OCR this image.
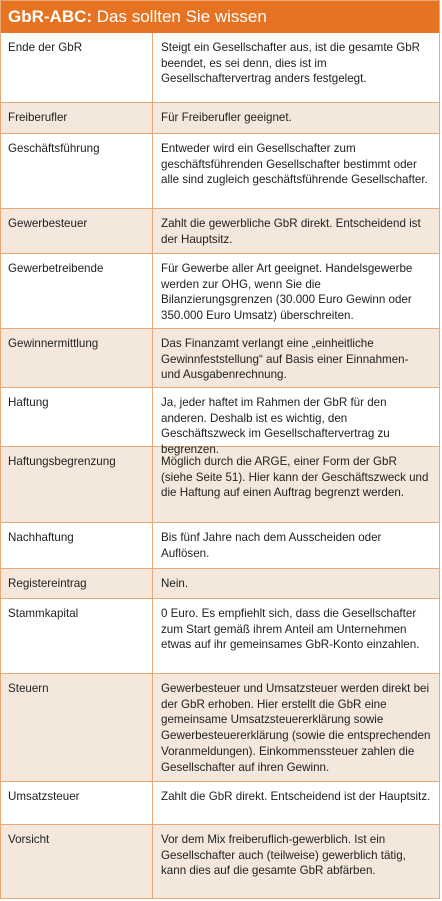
GbR-ABC: Das sollten Sie wissen
Ende der GbR	Steigt ein Gesellschafter aus, ist die gesamte GbR beendet, es sei denn, dies ist im Gesellschaftervertrag anders festgelegt.
Freiberufler	Für Freiberufler geeignet.
Geschäftsführung	Entweder wird ein Gesellschafter zum geschäftsführenden Gesellschafter bestimmt oder alle sind zugleich geschäftsführende Gesellschafter.
Gewerbesteuer	Zahlt die gewerbliche GbR direkt. Entscheidend ist der Hauptsitz.
Gewerbetreibende	Für Gewerbe aller Art geeignet. Handelsgewerbe werden zur OHG, wenn Sie die Bilanzierungsgrenzen (30.000 Euro Gewinn oder 350.000 Euro Umsatz) überschreiten.
Gewinnermittlung	Das Finanzamt verlangt eine „einheitliche Gewinnfeststellung“ auf Basis einer Einnahmen- und Ausgabenrechnung.
Haftung	Ja, jeder haftet im Rahmen der GbR für den anderen. Deshalb ist es wichtig, den Geschäftszweck im Gesellschaftervertrag zu begrenzen.
Haftungsbegrenzung	Möglich durch die ARGE, einer Form der GbR (siehe Seite 51). Hier kann der Geschäftszweck und die Haftung auf einen Auftrag begrenzt werden.
Nachhaftung	Bis fünf Jahre nach dem Ausscheiden oder Auflösen.
Registereintrag	Nein.
Stammkapital	0 Euro. Es empfiehlt sich, dass die Gesellschafter zum Start gemäß ihrem Anteil am Unternehmen etwas auf ihr gemeinsames GbR-Konto einzahlen.
Steuern	Gewerbesteuer und Umsatzsteuer werden direkt bei der GbR erhoben. Hier erstellt die GbR eine gemeinsame Umsatzsteuererklärung sowie Gewerbesteuererklärung (sowie die entsprechenden Voranmeldungen). Einkommenssteuer zahlen die Gesellschafter auf ihren Gewinn.
Umsatzsteuer	Zahlt die GbR direkt. Entscheidend ist der Hauptsitz.
Vorsicht	Vor dem Mix freiberuflich-gewerblich. Ist ein Gesellschafter auch (teilweise) gewerblich tätig, kann dies auf die gesamte GbR abfärben.
